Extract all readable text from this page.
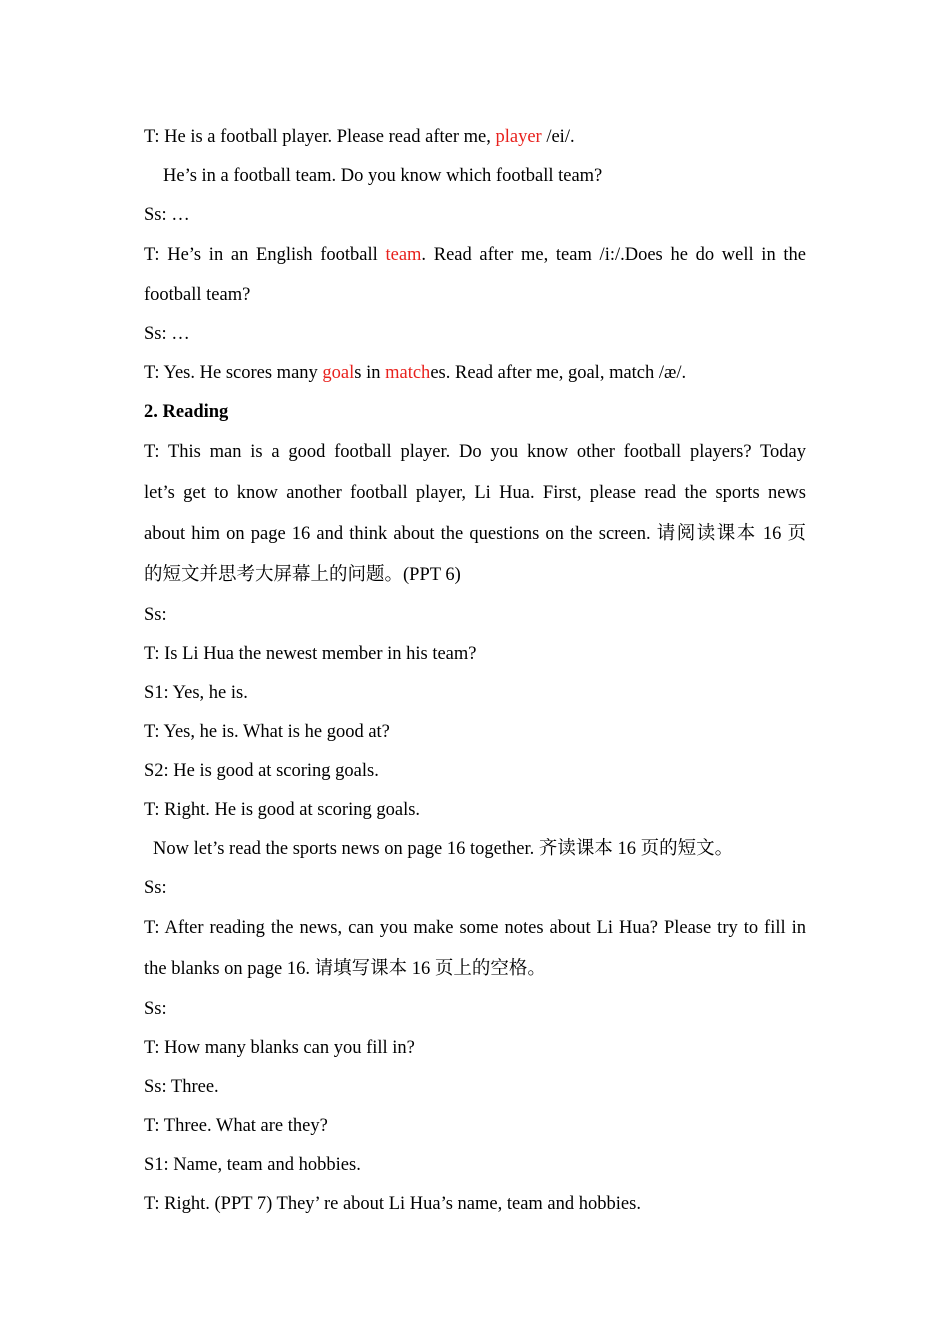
T: He is a football player. Please read after me, player /ei/.
He’s in a football team. Do you know which football team?
Ss: …
T: He’s in an English football team. Read after me, team /i:/.Does he do well in the
football team?
Ss: …
T: Yes. He scores many goals in matches. Read after me, goal, match /æ/.
2. Reading
T: This man is a good football player. Do you know other football players? Today
let’s get to know another football player, Li Hua. First, please read the sports news
about him on page 16 and think about the questions on the screen. 请阅读课本 16 页
的短文并思考大屏幕上的问题。(PPT 6)
Ss:
T: Is Li Hua the newest member in his team?
S1: Yes, he is.
T: Yes, he is. What is he good at?
S2: He is good at scoring goals.
T: Right. He is good at scoring goals.
Now let’s read the sports news on page 16 together. 齐读课本 16 页的短文。
Ss:
T: After reading the news, can you make some notes about Li Hua? Please try to fill in
the blanks on page 16. 请填写课本 16 页上的空格。
Ss:
T: How many blanks can you fill in?
Ss: Three.
T: Three. What are they?
S1: Name, team and hobbies.
T: Right. (PPT 7) They’ re about Li Hua’s name, team and hobbies.
